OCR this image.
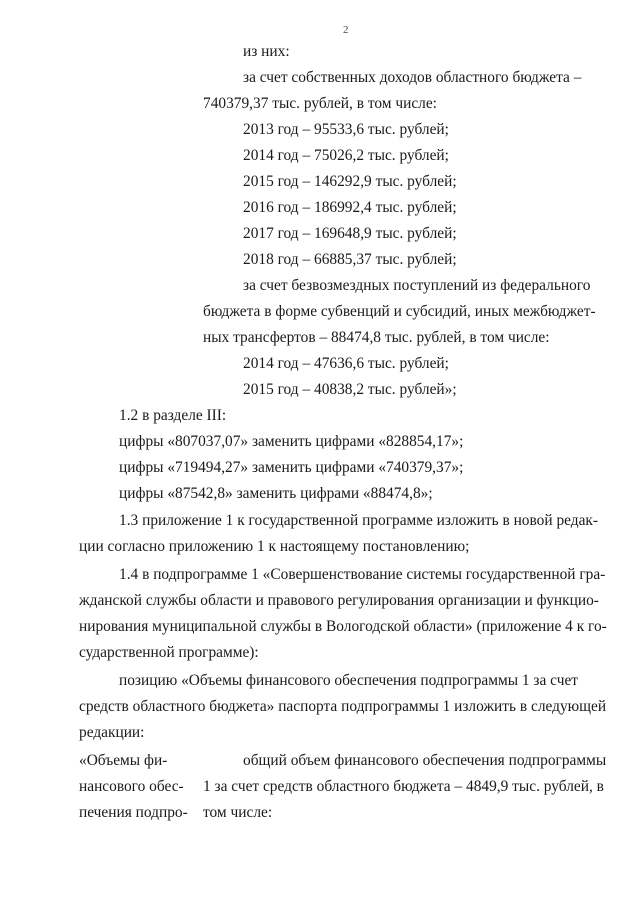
2
из них:
за счет собственных доходов областного бюджета –
740379,37 тыс. рублей, в том числе:
2013 год – 95533,6 тыс. рублей;
2014 год – 75026,2 тыс. рублей;
2015 год – 146292,9 тыс. рублей;
2016 год – 186992,4 тыс. рублей;
2017 год – 169648,9 тыс. рублей;
2018 год – 66885,37 тыс. рублей;
за счет безвозмездных поступлений из федерального
бюджета в форме субвенций и субсидий, иных межбюджет-
ных трансфертов – 88474,8 тыс. рублей, в том числе:
2014 год – 47636,6 тыс. рублей;
2015 год – 40838,2 тыс. рублей»;
1.2 в разделе III:
цифры «807037,07» заменить цифрами «828854,17»;
цифры «719494,27» заменить цифрами «740379,37»;
цифры «87542,8» заменить цифрами «88474,8»;
1.3 приложение 1 к государственной программе изложить в новой редак-
ции согласно приложению 1 к настоящему постановлению;
1.4 в подпрограмме 1 «Совершенствование системы государственной гра-
жданской службы области и правового регулирования организации и функцио-
нирования муниципальной службы в Вологодской области» (приложение 4 к го-
сударственной программе):
позицию «Объемы финансового обеспечения подпрограммы 1 за счет
средств областного бюджета» паспорта подпрограммы 1 изложить в следующей
редакции:
«Объемы фи-
нансового обес-
печения подпро-
общий объем финансового обеспечения подпрограммы
1 за счет средств областного бюджета – 4849,9 тыс. рублей, в
том числе:
